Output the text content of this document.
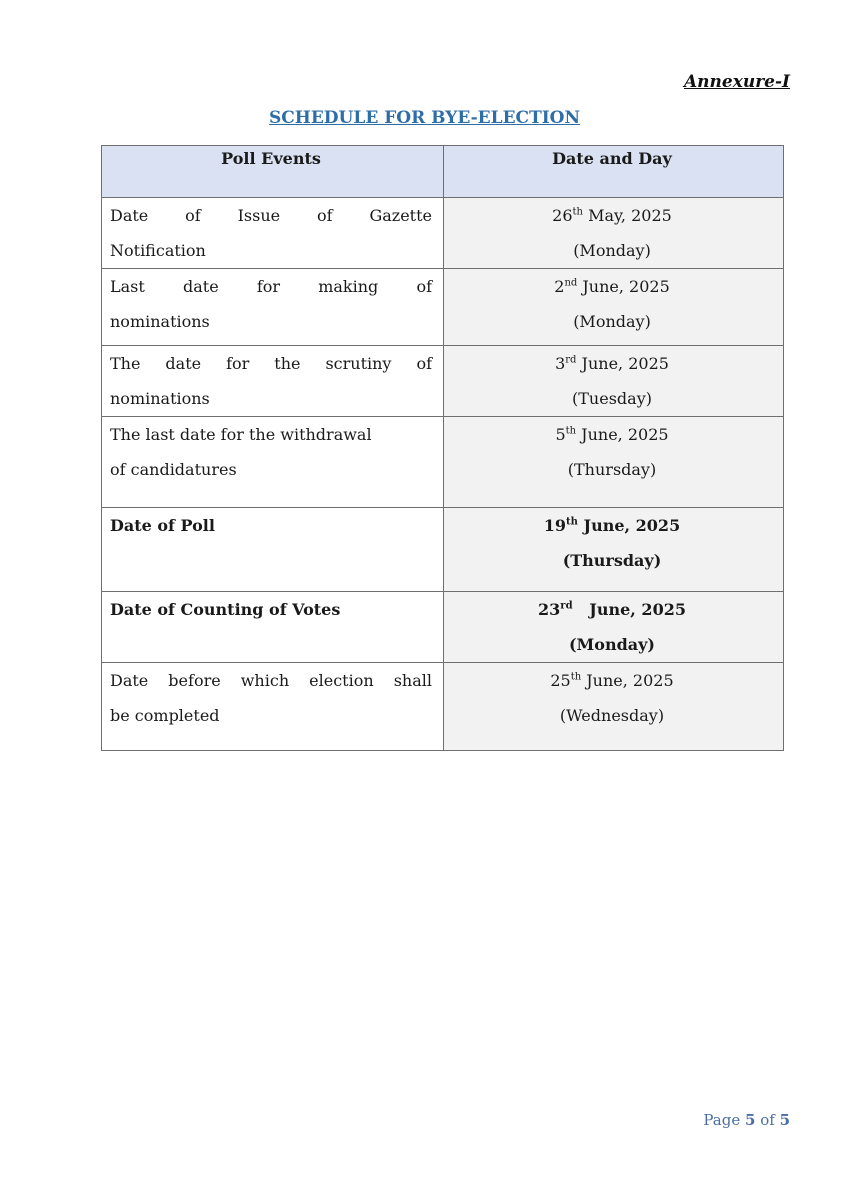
Annexure-I
SCHEDULE FOR BYE-ELECTION
Poll Events	Date and Day

Date of Issue of Gazette
Notification	26th May, 2025
(Monday)

Last date for making of
nominations	2nd June, 2025
(Monday)

The date for the scrutiny of
nominations	3rd June, 2025
(Tuesday)

The last date for the withdrawal
of candidatures	5th June, 2025
(Thursday)

Date of Poll	19th June, 2025
(Thursday)

Date of Counting of Votes	23rd   June, 2025
(Monday)

Date before which election shall
be completed	25th June, 2025
(Wednesday)
Page 5 of 5
